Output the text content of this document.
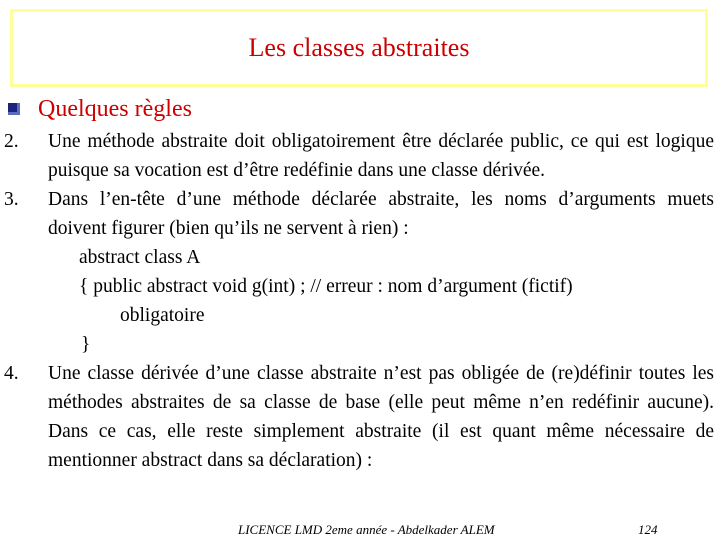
Les classes abstraites
Quelques règles
2.	Une méthode abstraite doit obligatoirement être déclarée public, ce qui est logique puisque sa vocation est d’être redéfinie dans une classe dérivée.
3.	Dans l’en-tête d’une méthode déclarée abstraite, les noms d’arguments muets doivent figurer (bien qu’ils ne servent à rien) :
abstract class A
{ public abstract void g(int) ; // erreur : nom d’argument (fictif)
obligatoire
}
4.	Une classe dérivée d’une classe abstraite n’est pas obligée de (re)définir toutes les méthodes abstraites de sa classe de base (elle peut même n’en redéfinir aucune). Dans ce cas, elle reste simplement abstraite (il est quant même nécessaire de mentionner abstract dans sa déclaration) :
LICENCE LMD 2eme année - Abdelkader ALEM	124
